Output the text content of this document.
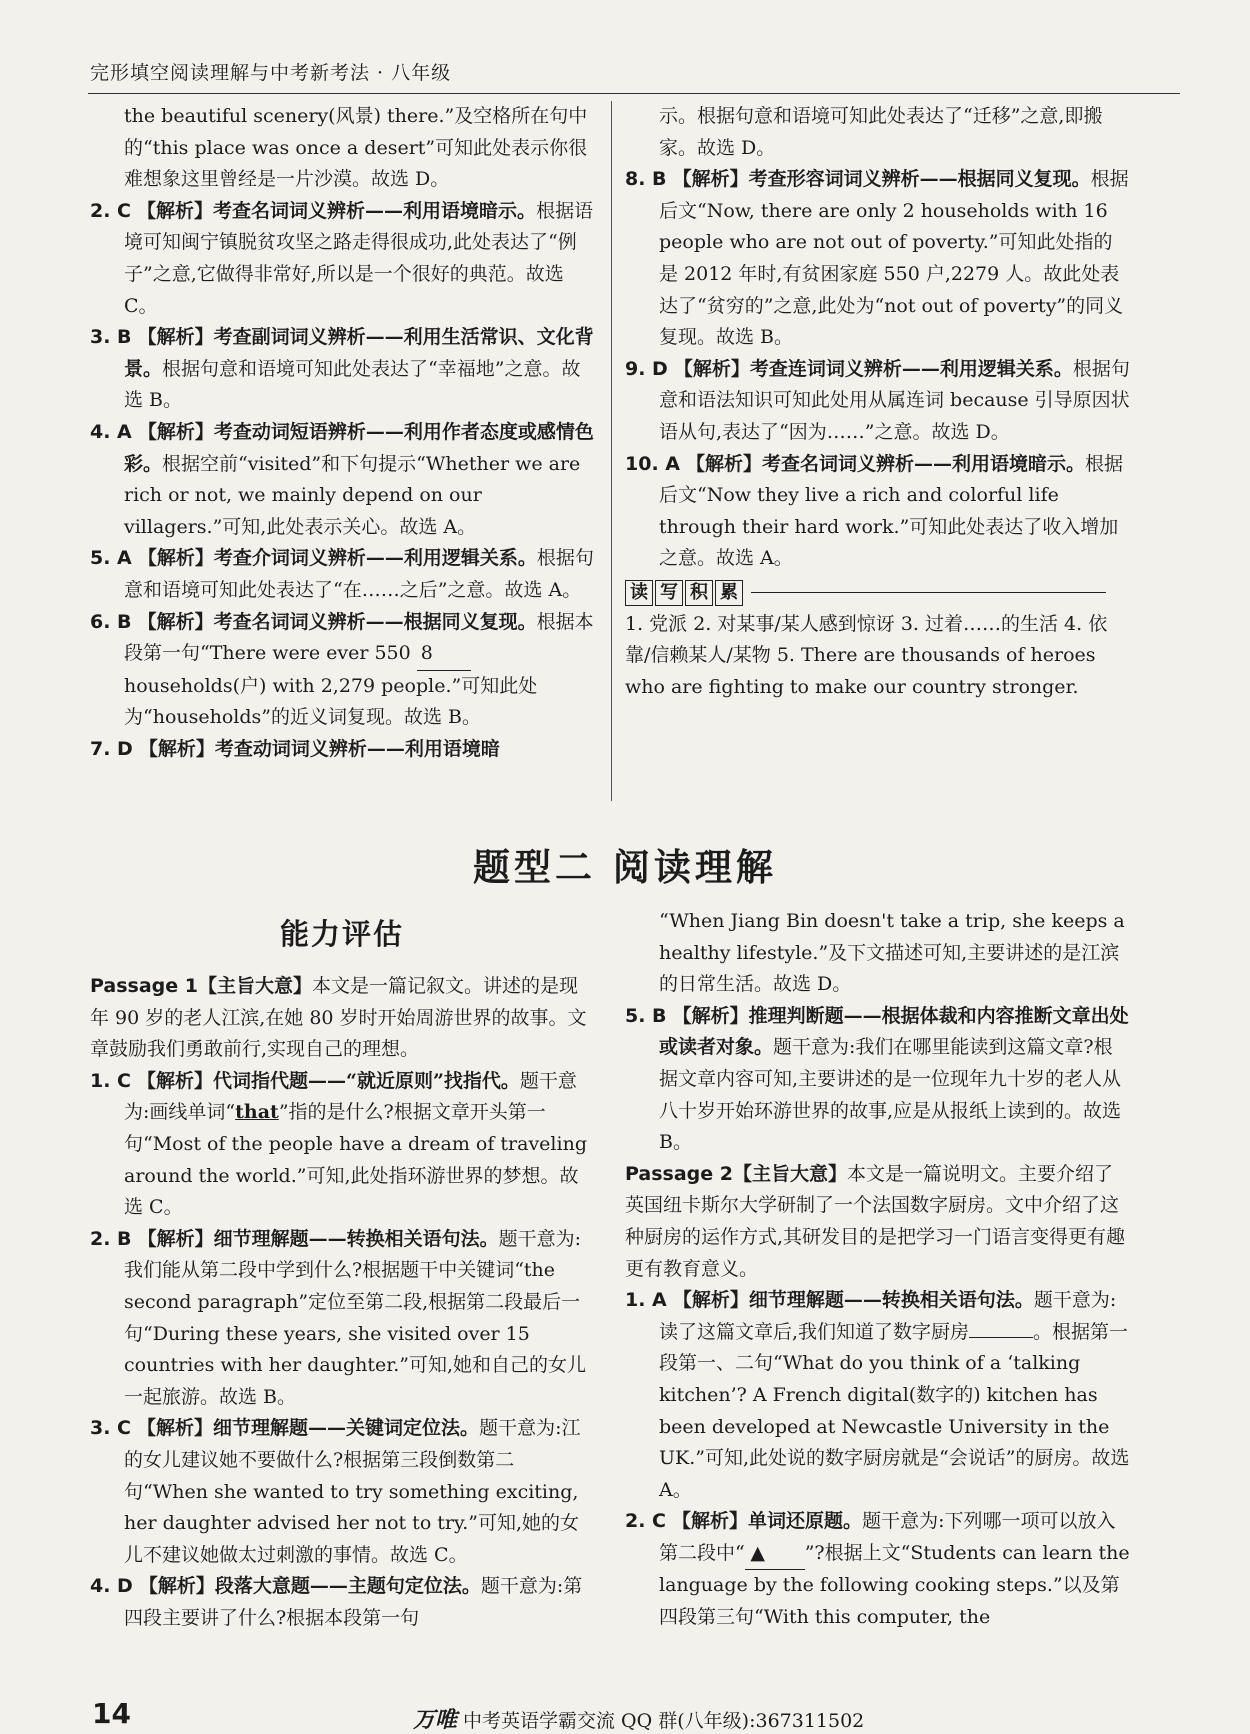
完形填空阅读理解与中考新考法 · 八年级

the beautiful scenery(风景) there.”及空格所在句中的“this place was once a desert”可知此处表示你很难想象这里曾经是一片沙漠。故选 D。

2. C 【解析】考查名词词义辨析——利用语境暗示。根据语境可知闽宁镇脱贫攻坚之路走得很成功,此处表达了“例子”之意,它做得非常好,所以是一个很好的典范。故选 C。

3. B 【解析】考查副词词义辨析——利用生活常识、文化背景。根据句意和语境可知此处表达了“幸福地”之意。故选 B。

4. A 【解析】考查动词短语辨析——利用作者态度或感情色彩。根据空前“visited”和下句提示“Whether we are rich or not, we mainly depend on our villagers.”可知,此处表示关心。故选 A。

5. A 【解析】考查介词词义辨析——利用逻辑关系。根据句意和语境可知此处表达了“在……之后”之意。故选 A。

6. B 【解析】考查名词词义辨析——根据同义复现。根据本段第一句“There were ever 550 8 households(户) with 2,279 people.”可知此处为“households”的近义词复现。故选 B。

7. D 【解析】考查动词词义辨析——利用语境暗

示。根据句意和语境可知此处表达了“迁移”之意,即搬家。故选 D。

8. B 【解析】考查形容词词义辨析——根据同义复现。根据后文“Now, there are only 2 households with 16 people who are not out of poverty.”可知此处指的是 2012 年时,有贫困家庭 550 户,2279 人。故此处表达了“贫穷的”之意,此处为“not out of poverty”的同义复现。故选 B。

9. D 【解析】考查连词词义辨析——利用逻辑关系。根据句意和语法知识可知此处用从属连词 because 引导原因状语从句,表达了“因为……”之意。故选 D。

10. A 【解析】考查名词词义辨析——利用语境暗示。根据后文“Now they live a rich and colorful life through their hard work.”可知此处表达了收入增加之意。故选 A。

读 写 积 累

1. 党派 2. 对某事/某人感到惊讶 3. 过着……的生活 4. 依靠/信赖某人/某物 5. There are thousands of heroes who are fighting to make our country stronger.

题型二 阅读理解
能力评估

Passage 1【主旨大意】本文是一篇记叙文。讲述的是现年 90 岁的老人江滨,在她 80 岁时开始周游世界的故事。文章鼓励我们勇敢前行,实现自己的理想。

1. C 【解析】代词指代题——“就近原则”找指代。题干意为:画线单词“that”指的是什么?根据文章开头第一句“Most of the people have a dream of traveling around the world.”可知,此处指环游世界的梦想。故选 C。

2. B 【解析】细节理解题——转换相关语句法。题干意为:我们能从第二段中学到什么?根据题干中关键词“the second paragraph”定位至第二段,根据第二段最后一句“During these years, she visited over 15 countries with her daughter.”可知,她和自己的女儿一起旅游。故选 B。

3. C 【解析】细节理解题——关键词定位法。题干意为:江的女儿建议她不要做什么?根据第三段倒数第二句“When she wanted to try something exciting, her daughter advised her not to try.”可知,她的女儿不建议她做太过刺激的事情。故选 C。

4. D 【解析】段落大意题——主题句定位法。题干意为:第四段主要讲了什么?根据本段第一句

“When Jiang Bin doesn't take a trip, she keeps a healthy lifestyle.”及下文描述可知,主要讲述的是江滨的日常生活。故选 D。

5. B 【解析】推理判断题——根据体裁和内容推断文章出处或读者对象。题干意为:我们在哪里能读到这篇文章?根据文章内容可知,主要讲述的是一位现年九十岁的老人从八十岁开始环游世界的故事,应是从报纸上读到的。故选 B。

Passage 2【主旨大意】本文是一篇说明文。主要介绍了英国纽卡斯尔大学研制了一个法国数字厨房。文中介绍了这种厨房的运作方式,其研发目的是把学习一门语言变得更有趣更有教育意义。

1. A 【解析】细节理解题——转换相关语句法。题干意为:读了这篇文章后,我们知道了数字厨房	。根据第一段第一、二句“What do you think of a ‘talking kitchen’? A French digital(数字的) kitchen has been developed at Newcastle University in the UK.”可知,此处说的数字厨房就是“会说话”的厨房。故选 A。

2. C 【解析】单词还原题。题干意为:下列哪一项可以放入第二段中“ ▲ ”?根据上文“Students can learn the language by the following cooking steps.”以及第四段第三句“With this computer, the

14	万唯 中考英语学霸交流 QQ 群(八年级):367311502
